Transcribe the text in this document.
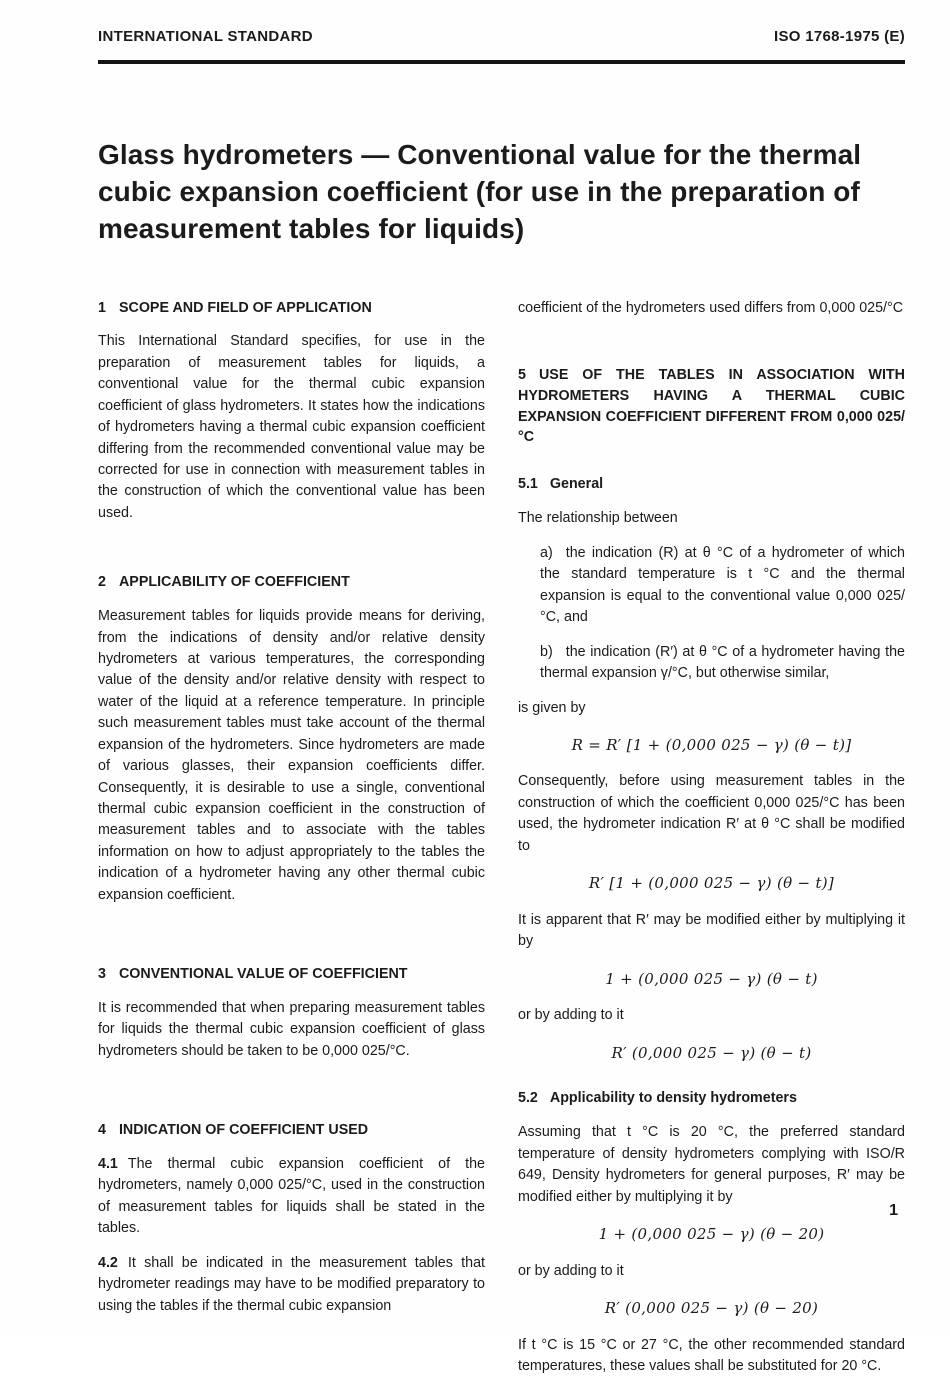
INTERNATIONAL STANDARD	ISO 1768-1975 (E)
Glass hydrometers — Conventional value for the thermal cubic expansion coefficient (for use in the preparation of measurement tables for liquids)
1 SCOPE AND FIELD OF APPLICATION

This International Standard specifies, for use in the preparation of measurement tables for liquids, a conventional value for the thermal cubic expansion coefficient of glass hydrometers. It states how the indications of hydrometers having a thermal cubic expansion coefficient differing from the recommended conventional value may be corrected for use in connection with measurement tables in the construction of which the conventional value has been used.

2 APPLICABILITY OF COEFFICIENT

Measurement tables for liquids provide means for deriving, from the indications of density and/or relative density hydrometers at various temperatures, the corresponding value of the density and/or relative density with respect to water of the liquid at a reference temperature. In principle such measurement tables must take account of the thermal expansion of the hydrometers. Since hydrometers are made of various glasses, their expansion coefficients differ. Consequently, it is desirable to use a single, conventional thermal cubic expansion coefficient in the construction of measurement tables and to associate with the tables information on how to adjust appropriately to the tables the indication of a hydrometer having any other thermal cubic expansion coefficient.

3 CONVENTIONAL VALUE OF COEFFICIENT

It is recommended that when preparing measurement tables for liquids the thermal cubic expansion coefficient of glass hydrometers should be taken to be 0,000 025/°C.

4 INDICATION OF COEFFICIENT USED

4.1 The thermal cubic expansion coefficient of the hydrometers, namely 0,000 025/°C, used in the construction of measurement tables for liquids shall be stated in the tables.

4.2 It shall be indicated in the measurement tables that hydrometer readings may have to be modified preparatory to using the tables if the thermal cubic expansion

coefficient of the hydrometers used differs from 0,000 025/°C

5 USE OF THE TABLES IN ASSOCIATION WITH HYDROMETERS HAVING A THERMAL CUBIC EXPANSION COEFFICIENT DIFFERENT FROM 0,000 025/°C
5.1 General

The relationship between

a) the indication (R) at θ °C of a hydrometer of which the standard temperature is t °C and the thermal expansion is equal to the conventional value 0,000 025/°C, and

b) the indication (R′) at θ °C of a hydrometer having the thermal expansion γ/°C, but otherwise similar,

is given by

R = R′ [1 + (0,000 025 − γ) (θ − t)]

Consequently, before using measurement tables in the construction of which the coefficient 0,000 025/°C has been used, the hydrometer indication R′ at θ °C shall be modified to

R′ [1 + (0,000 025 − γ) (θ − t)]

It is apparent that R′ may be modified either by multiplying it by

1 + (0,000 025 − γ) (θ − t)

or by adding to it

R′ (0,000 025 − γ) (θ − t)
5.2 Applicability to density hydrometers

Assuming that t °C is 20 °C, the preferred standard temperature of density hydrometers complying with ISO/R 649, Density hydrometers for general purposes, R′ may be modified either by multiplying it by

1 + (0,000 025 − γ) (θ − 20)

or by adding to it

R′ (0,000 025 − γ) (θ − 20)

If t °C is 15 °C or 27 °C, the other recommended standard temperatures, these values shall be substituted for 20 °C.

1
